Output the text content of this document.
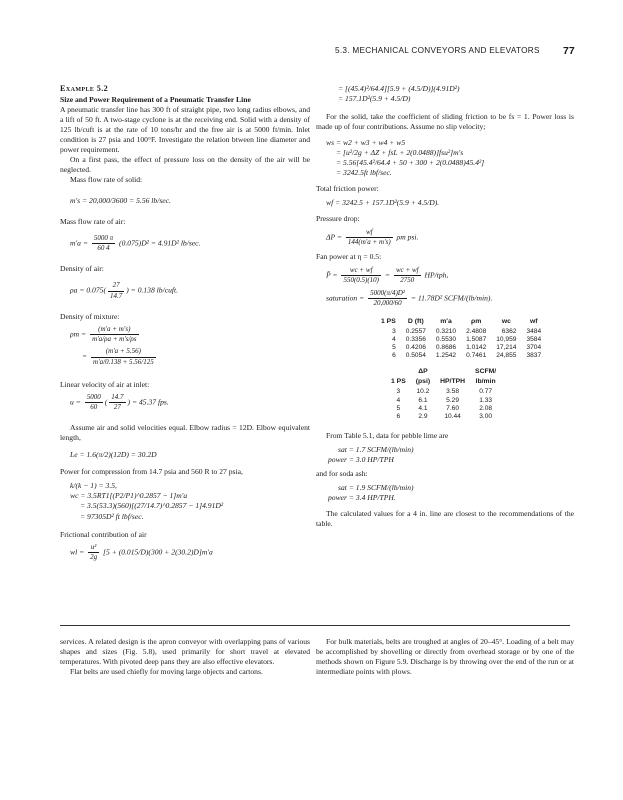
5.3. MECHANICAL CONVEYORS AND ELEVATORS 77

Example 5.2

Size and Power Requirement of a Pneumatic Transfer Line

A pneumatic transfer line has 300 ft of straight pipe, two long radius elbows, and a lift of 50 ft. A two-stage cyclone is at the receiving end. Solid with a density of 125 lb/cuft is at the rate of 10 tons/hr and the free air is at 5000 ft/min. Inlet condition is 27 psia and 100°F. Investigate the relation btween line diameter and power requirement.

On a first pass, the effect of pressure loss on the density of the air will be neglected.

Mass flow rate of solid:

m′s = 20,000/3600 = 5.56 lb/sec.

Mass flow rate of air:

$m'a = \frac{5000 \pi}{60 4} (0.075)D^2 = 4.91D^2$ lb/sec.

Density of air:

$\rho a = 0.075( \frac{27}{14.7}$ ) = 0.138 lb/cuft.

Density of mixture:

$\rho m = \frac{(m'a + m's)}{m'a/\rho a + m's/\rho s}$
= $\frac{(m'a + 5.56)}{m'a/0.138 + 5.56/125}$

Linear velocity of air at inlet:

$u = \frac{5000}{60}$ ( $\frac{14.7}{27}$ ) = 45.37 fps.

Assume air and solid velocities equal. Elbow radius = 12D. Elbow equivalent length,

Le = 1.6(π/2)(12D) = 30.2D

Power for compression from 14.7 psia and 560 R to 27 psia,

k/(k − 1) = 3.5,
wc = 3.5RT1[(P2/P1)^0.2857 − 1]m′a
= 3.5(53.3)(560)[(27/14.7)^0.2857 − 1]4.91D²
= 97305D² ft lbf/sec.

Frictional contribution of air

wl = $\frac{\text{u²}}{2g} [5 + (0.015/D)(300 + 2(30.2)D]m'a$
= [(45.4)²/64.4][5.9 + (4.5/D)](4.91D²)
= 157.1D²(5.9 + 4.5/D)

For the solid, take the coefficient of sliding friction to be fs = 1. Power loss is made up of four contributions. Assume no slip velocity;

ws = w2 + w3 + w4 + w5
= [u²/2g + ΔZ + fsL + 2(0.0488)]fsu²]m′s
= 5.56[45.4²/64.4 + 50 + 300 + 2(0.0488)45.4²]
= 3242.5ft lbf/sec.

Total friction power:

wf = 3242.5 + 157.1D²(5.9 + 4.5/D).

Pressure drop:

$\Delta P = \frac{wf}{144(m'a + m's)}$ ρm psi.

Fan power at η = 0.5:

P̂ = $\frac{wc + wf}{550(0.5)(10)} = \frac{wc + wf}{2750} HP/tph$,
saturation = $\frac{\text{5000(π/4)D²}}{20,000/60} = 11.78D^2$ SCFM/(lb/min).
1 PS	D (ft)	m′a	ρm	wc	wf
3	0.2557	0.3210	2.4808	6362	3484
4	0.3356	0.5530	1.5087	10,959	3584
5	0.4206	0.8686	1.0142	17,214	3704
6	0.5054	1.2542	0.7461	24,855	3837
	ΔP		SCFM/
1 PS	(psi)	HP/TPH	lb/min
3	10.2	3.58	0.77
4	6.1	5.29	1.33
5	4.1	7.60	2.08
6	2.9	10.44	3.00

From Table 5.1, data for pebble lime are

sat = 1.7 SCFM/(lb/min)
power = 3.0 HP/TPH

and for soda ash:

sat = 1.9 SCFM/(lb/min)
power = 3.4 HP/TPH.

The calculated values for a 4 in. line are closest to the recommendations of the table.

services. A related design is the apron conveyor with overlapping pans of various shapes and sizes (Fig. 5.8), used primarily for short travel at elevated temperatures. With pivoted deep pans they are also effective elevators.

Flat belts are used chiefly for moving large objects and cartons.

For bulk materials, belts are troughed at angles of 20–45°. Loading of a belt may be accomplished by shovelling or directly from overhead storage or by one of the methods shown on Figure 5.9. Discharge is by throwing over the end of the run or at intermediate points with plows.
